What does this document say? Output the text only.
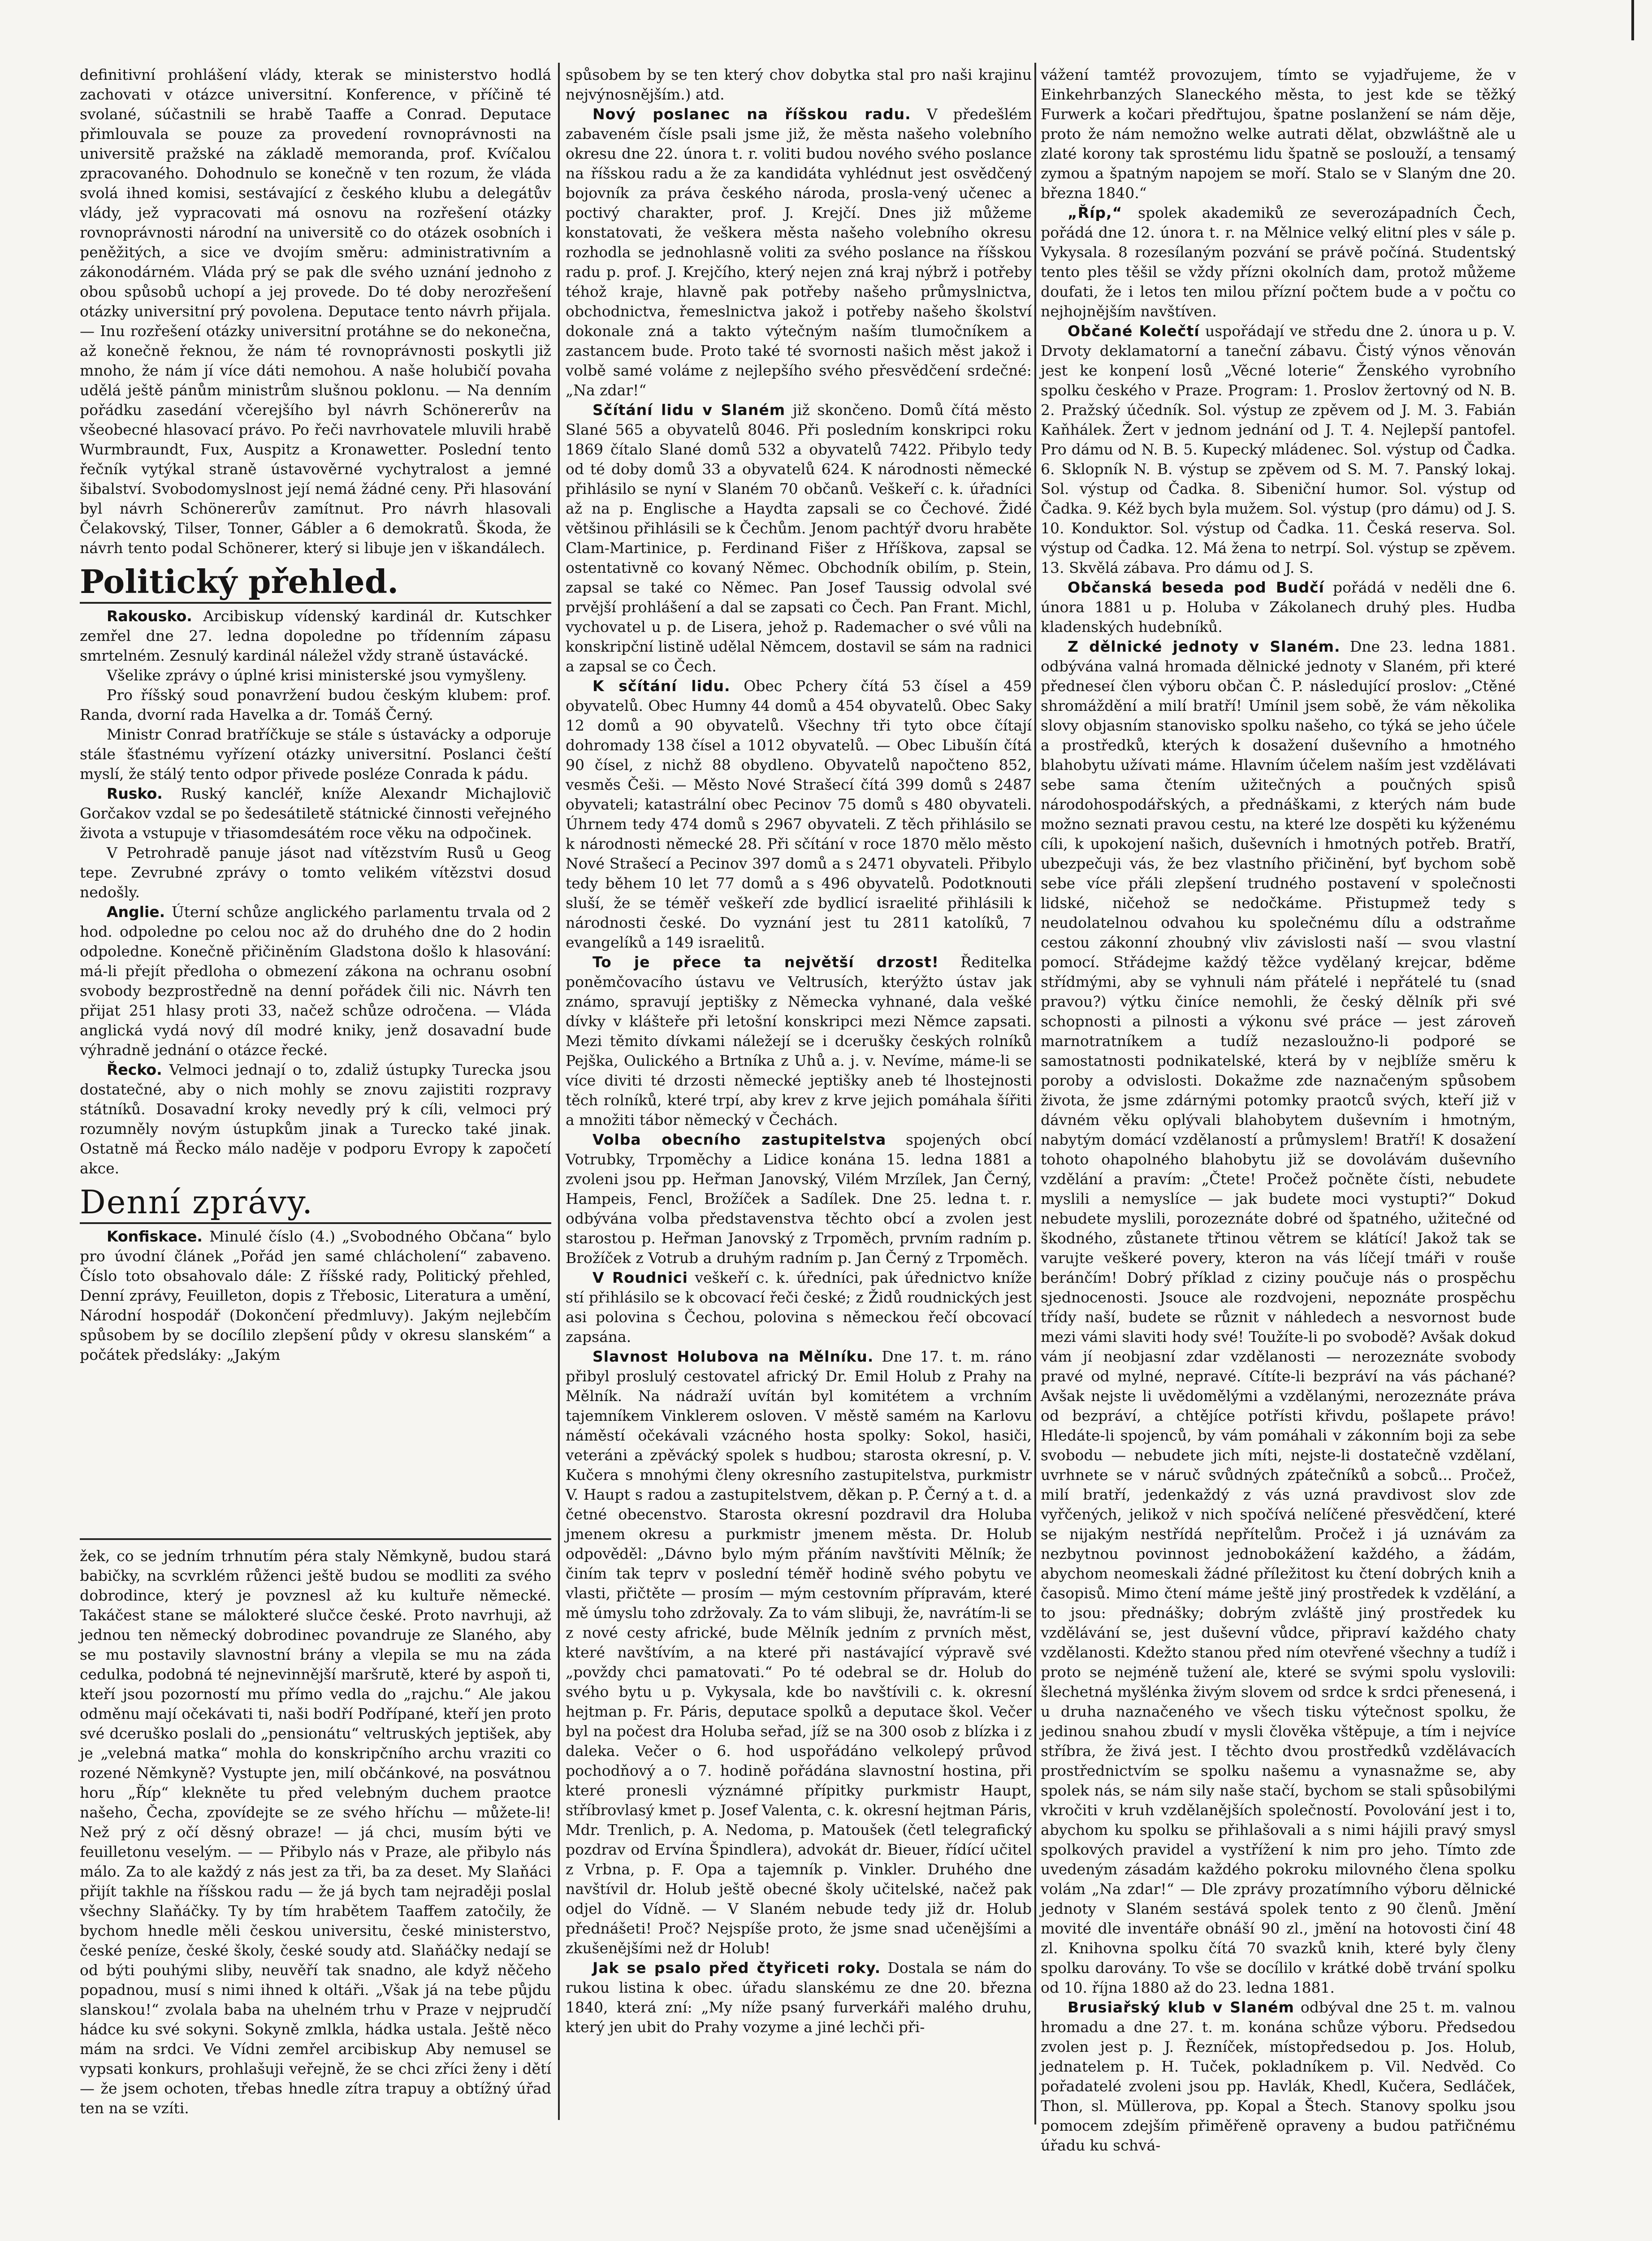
definitivní prohlášení vlády, kterak se ministerstvo hodlá zachovati v otázce universitní. Konference, v příčině té svolané, súčastnili se hrabě Taaffe a Conrad. Deputace přimlouvala se pouze za provedení rovnoprávnosti na universitě pražské na základě memoranda, prof. Kvíčalou zpracovaného. Dohodnulo se konečně v ten rozum, že vláda svolá ihned komisi, sestávající z českého klubu a delegátův vlády, jež vypracovati má osnovu na rozřešení otázky rovnoprávnosti národní na universitě co do otázek osobních i peněžitých, a sice ve dvojím směru: administrativním a zákonodárném. Vláda prý se pak dle svého uznání jednoho z obou spůsobů uchopí a jej provede. Do té doby nerozřešení otázky universitní prý povolena. Deputace tento návrh přijala. — Inu rozřešení otázky universitní protáhne se do nekonečna, až konečně řeknou, že nám té rovnoprávnosti poskytli již mnoho, že nám jí více dáti nemohou. A naše holubičí povaha udělá ještě pánům ministrům slušnou poklonu. — Na denním pořádku zasedání včerejšího byl návrh Schönererův na všeobecné hlasovací právo. Po řeči navrhovatele mluvili hrabě Wurmbraundt, Fux, Auspitz a Kronawetter. Poslední tento řečník vytýkal straně ústavověrné vychytralost a jemné šibalství. Svobodomyslnost její nemá žádné ceny. Při hlasování byl návrh Schönererův zamítnut. Pro návrh hlasovali Čelakovský, Tilser, Tonner, Gábler a 6 demokratů. Škoda, že návrh tento podal Schönerer, který si libuje jen v iškandálech.

Politický přehled.

Rakousko. Arcibiskup vídenský kardinál dr. Kutschker zemřel dne 27. ledna dopoledne po třídenním zápasu smrtelném. Zesnulý kardinál náležel vždy straně ústavácké.

Všelike zprávy o úplné krisi ministerské jsou vymyšleny.

Pro říšský soud ponavržení budou českým klubem: prof. Randa, dvorní rada Havelka a dr. Tomáš Černý.

Ministr Conrad bratříčkuje se stále s ústavácky a odporuje stále šťastnému vyřízení otázky universitní. Poslanci čeští myslí, že stálý tento odpor přivede posléze Conrada k pádu.

Rusko. Ruský kancléř, kníže Alexandr Michajlovič Gorčakov vzdal se po šedesátiletě státnické činnosti veřejného života a vstupuje v třiasomdesátém roce věku na odpočinek.

V Petrohradě panuje jásot nad vítězstvím Rusů u Geog tepe. Zevrubné zprávy o tomto velikém vítězstvi dosud nedošly.

Anglie. Úterní schůze anglického parlamentu trvala od 2 hod. odpoledne po celou noc až do druhého dne do 2 hodin odpoledne. Konečně přičiněním Gladstona došlo k hlasování: má-li přejít předloha o obmezení zákona na ochranu osobní svobody bezprostředně na denní pořádek čili nic. Návrh ten přijat 251 hlasy proti 33, načež schůze odročena. — Vláda anglická vydá nový díl modré kniky, jenž dosavadní bude výhradně jednání o otázce řecké.

Řecko. Velmoci jednají o to, zdaliž ústupky Turecka jsou dostatečné, aby o nich mohly se znovu zajistiti rozpravy státníků. Dosavadní kroky nevedly prý k cíli, velmoci prý rozumněly novým ústupkům jinak a Turecko také jinak. Ostatně má Řecko málo naděje v podporu Evropy k započetí akce.

Denní zprávy.

Konfiskace. Minulé číslo (4.) „Svobodného Občana“ bylo pro úvodní článek „Pořád jen samé chlácholení“ zabaveno. Číslo toto obsahovalo dále: Z říšské rady, Politický přehled, Denní zprávy, Feuilleton, dopis z Třebosic, Literatura a umění, Národní hospodář (Dokončení předmluvy). Jakým nejlebčím spůsobem by se docílilo zlepšení půdy v okresu slanském“ a počátek předsláky: „Jakým

žek, co se jedním trhnutím péra staly Němkyně, budou stará babičky, na scvrklém růženci ještě budou se modliti za svého dobrodince, který je povznesl až ku kultuře německé. Takáčest stane se málokteré slučce české. Proto navrhuji, až jednou ten německý dobrodinec povandruje ze Slaného, aby se mu postavily slavnostní brány a vlepila se mu na záda cedulka, podobná té nejnevinnější maršrutě, které by aspoň ti, kteří jsou pozorností mu přímo vedla do „rajchu.“ Ale jakou odměnu mají očekávati ti, naši bodří Podřípané, kteří jen proto své dceruško poslali do „pensionátu“ veltruských jeptišek, aby je „velebná matka“ mohla do konskripčního archu vraziti co rozené Němkyně? Vystupte jen, milí občánkové, na posvátnou horu „Říp“ klekněte tu před velebným duchem praotce našeho, Čecha, zpovídejte se ze svého hříchu — můžete-li! Než prý z očí děsný obraze! — já chci, musím býti ve feuilletonu veselým. — — Přibylo nás v Praze, ale přibylo nás málo. Za to ale každý z nás jest za tři, ba za deset. My Slaňáci přijít takhle na říšskou radu — že já bych tam nejraději poslal všechny Slaňáčky. Ty by tím hrabětem Taaffem zatočily, že bychom hnedle měli českou universitu, české ministerstvo, české peníze, české školy, české soudy atd. Slaňáčky nedají se od býti pouhými sliby, neuvěří tak snadno, ale když něčeho popadnou, musí s nimi ihned k oltáři. „Však já na tebe půjdu slanskou!“ zvolala baba na uhelném trhu v Praze v nejprudčí hádce ku své sokyni. Sokyně zmlkla, hádka ustala. Ještě něco mám na srdci. Ve Vídni zemřel arcibiskup Aby nemusel se vypsati konkurs, prohlašuji veřejně, že se chci zříci ženy i dětí — že jsem ochoten, třebas hnedle zítra trapuy a obtížný úřad ten na se vzíti.

spůsobem by se ten který chov dobytka stal pro naši krajinu nejvýnosnějším.) atd.

Nový poslanec na říšskou radu. V předešlém zabaveném čísle psali jsme již, že města našeho volebního okresu dne 22. února t. r. voliti budou nového svého poslance na říšskou radu a že za kandidáta vyhlédnut jest osvědčený bojovník za práva českého národa, prosla-vený učenec a poctivý charakter, prof. J. Krejčí. Dnes již můžeme konstatovati, že veškera města našeho volebního okresu rozhodla se jednohlasně voliti za svého poslance na říšskou radu p. prof. J. Krejčího, který nejen zná kraj nýbrž i potřeby téhož kraje, hlavně pak potřeby našeho průmyslnictva, obchodnictva, řemeslnictva jakož i potřeby našeho školství dokonale zná a takto výtečným naším tlumočníkem a zastancem bude. Proto také té svornosti našich měst jakož i volbě samé voláme z nejlepšího svého přesvědčení srdečné: „Na zdar!“

Sčítání lidu v Slaném již skončeno. Domů čítá město Slané 565 a obyvatelů 8046. Při posledním konskripci roku 1869 čítalo Slané domů 532 a obyvatelů 7422. Přibylo tedy od té doby domů 33 a obyvatelů 624. K národnosti německé přihlásilo se nyní v Slaném 70 občanů. Veškeří c. k. úřadníci až na p. Englische a Haydta zapsali se co Čechové. Židé většinou přihlásili se k Čechům. Jenom pachtýř dvoru hraběte Clam-Martinice, p. Ferdinand Fišer z Hříškova, zapsal se ostentativně co kovaný Němec. Obchodník obilím, p. Stein, zapsal se také co Němec. Pan Josef Taussig odvolal své prvější prohlášení a dal se zapsati co Čech. Pan Frant. Michl, vychovatel u p. de Lisera, jehož p. Rademacher o své vůli na konskripční listině udělal Němcem, dostavil se sám na radnici a zapsal se co Čech.

K sčítání lidu. Obec Pchery čítá 53 čísel a 459 obyvatelů. Obec Humny 44 domů a 454 obyvatelů. Obec Saky 12 domů a 90 obyvatelů. Všechny tři tyto obce čítají dohromady 138 čísel a 1012 obyvatelů. — Obec Libušín čítá 90 čísel, z nichž 88 obydleno. Obyvatelů napočteno 852, vesměs Češi. — Město Nové Strašecí čítá 399 domů s 2487 obyvateli; katastrální obec Pecinov 75 domů s 480 obyvateli. Úhrnem tedy 474 domů s 2967 obyvateli. Z těch přihlásilo se k národnosti německé 28. Při sčítání v roce 1870 mělo město Nové Strašecí a Pecinov 397 domů a s 2471 obyvateli. Přibylo tedy během 10 let 77 domů a s 496 obyvatelů. Podotknouti sluší, že se téměř veškeří zde bydlicí israelité přihlásili k národnosti české. Do vyznání jest tu 2811 katolíků, 7 evangelíků a 149 israelitů.

To je přece ta největší drzost! Ředitelka poněmčovacího ústavu ve Veltrusích, kterýžto ústav jak známo, spravují jeptišky z Německa vyhnané, dala vešké dívky v klášteře při letošní konskripci mezi Němce zapsati. Mezi těmito dívkami náležejí se i dcerušky českých rolníků Pejška, Oulického a Brtníka z Uhů a. j. v. Nevíme, máme-li se více diviti té drzosti německé jeptišky aneb té lhostejnosti těch rolníků, které trpí, aby krev z krve jejich pomáhala šířiti a množiti tábor německý v Čechách.

Volba obecního zastupitelstva spojených obcí Votrubky, Trpoměchy a Lidice konána 15. ledna 1881 a zvoleni jsou pp. Heřman Janovský, Vilém Mrzílek, Jan Černý, Hampeis, Fencl, Brožíček a Sadílek. Dne 25. ledna t. r. odbývána volba představenstva těchto obcí a zvolen jest starostou p. Heřman Janovský z Trpoměch, prvním radním p. Brožíček z Votrub a druhým radním p. Jan Černý z Trpoměch.

V Roudnici veškeří c. k. úředníci, pak úřednictvo kníže stí přihlásilo se k obcovací řeči české; z Židů roudnických jest asi polovina s Čechou, polovina s německou řečí obcovací zapsána.

Slavnost Holubova na Mělníku. Dne 17. t. m. ráno přibyl proslulý cestovatel africký Dr. Emil Holub z Prahy na Mělník. Na nádraží uvítán byl komitétem a vrchním tajemníkem Vinklerem osloven. V městě samém na Karlovu náměstí očekávali vzácného hosta spolky: Sokol, hasiči, veteráni a zpěvácký spolek s hudbou; starosta okresní, p. V. Kučera s mnohými členy okresního zastupitelstva, purkmistr V. Haupt s radou a zastupitelstvem, děkan p. P. Černý a t. d. a četné obecenstvo. Starosta okresní pozdravil dra Holuba jmenem okresu a purkmistr jmenem města. Dr. Holub odpověděl: „Dávno bylo mým přáním navštíviti Mělník; že činím tak teprv v poslední téměř hodině svého pobytu ve vlasti, přičtěte — prosím — mým cestovním přípravám, které mě úmyslu toho zdržovaly. Za to vám slibuji, že, navrátím-li se z nové cesty africké, bude Mělník jedním z prvních měst, které navštívím, a na které při nastávající výpravě své „povždy chci pamatovati.“ Po té odebral se dr. Holub do svého bytu u p. Vykysala, kde bo navštívili c. k. okresní hejtman p. Fr. Páris, deputace spolků a deputace škol. Večer byl na počest dra Holuba seřad, jíž se na 300 osob z blízka i z daleka. Večer o 6. hod uspořádáno velkolepý průvod pochodňový a o 7. hodině pořádána slavnostní hostina, při které pronesli význámné přípitky purkmistr Haupt, stříbrovlasý kmet p. Josef Valenta, c. k. okresní hejtman Páris, Mdr. Trenlich, p. A. Nedoma, p. Matoušek (četl telegrafický pozdrav od Ervína Špindlera), advokát dr. Bieuer, řídící učitel z Vrbna, p. F. Opa a tajemník p. Vinkler. Druhého dne navštívil dr. Holub ještě obecné školy učitelské, načež pak odjel do Vídně. — V Slaném nebude tedy již dr. Holub přednášeti! Proč? Nejspíše proto, že jsme snad učenějšími a zkušenějšími než dr Holub!

Jak se psalo před čtyřiceti roky. Dostala se nám do rukou listina k obec. úřadu slanskému ze dne 20. března 1840, která zní: „My níže psaný furverkáři malého druhu, který jen ubit do Prahy vozyme a jiné lechči při-

vážení tamtéž provozujem, tímto se vyjadřujeme, že v Einkehrbanzých Slaneckého města, to jest kde se těžký Furwerk a kočari předřtujou, špatne poslanžení se nám děje, proto že nám nemožno welke autrati dělat, obzwláštně ale u zlaté korony tak sprostému lidu špatně se poslouží, a tensamý zymou a špatným napojem se moří. Stalo se v Slaným dne 20. března 1840.“

„Říp,“ spolek akademiků ze severozápadních Čech, pořádá dne 12. února t. r. na Mělnice velký elitní ples v sále p. Vykysala. 8 rozesílaným pozvání se právě počíná. Studentský tento ples těšil se vždy přízni okolních dam, protož můžeme doufati, že i letos ten milou přízní počtem bude a v počtu co nejhojnějším navštíven.

Občané Kolečtí uspořádají ve středu dne 2. února u p. V. Drvoty deklamatorní a taneční zábavu. Čistý výnos věnován jest ke konpení losů „Věcné loterie“ Ženského vyrobního spolku českého v Praze. Program: 1. Proslov žertovný od N. B. 2. Pražský účedník. Sol. výstup ze zpěvem od J. M. 3. Fabián Kaňhálek. Žert v jednom jednání od J. T. 4. Nejlepší pantofel. Pro dámu od N. B. 5. Kupecký mládenec. Sol. výstup od Čadka. 6. Sklopník N. B. výstup se zpěvem od S. M. 7. Panský lokaj. Sol. výstup od Čadka. 8. Sibeniční humor. Sol. výstup od Čadka. 9. Kéž bych byla mužem. Sol. výstup (pro dámu) od J. S. 10. Konduktor. Sol. výstup od Čadka. 11. Česká reserva. Sol. výstup od Čadka. 12. Má žena to netrpí. Sol. výstup se zpěvem. 13. Skvělá zábava. Pro dámu od J. S.

Občanská beseda pod Budčí pořádá v neděli dne 6. února 1881 u p. Holuba v Zákolanech druhý ples. Hudba kladenských hudebníků.

Z dělnické jednoty v Slaném. Dne 23. ledna 1881. odbývána valná hromada dělnické jednoty v Slaném, při které předneseí člen výboru občan Č. P. následující proslov: „Ctěné shromáždění a milí bratří! Umínil jsem sobě, že vám několika slovy objasním stanovisko spolku našeho, co týká se jeho účele a prostředků, kterých k dosažení duševního a hmotného blahobytu užívati máme. Hlavním účelem naším jest vzdělávati sebe sama čtením užitečných a poučných spisů národohospodářských, a přednáškami, z kterých nám bude možno seznati pravou cestu, na které lze dospěti ku kýženému cíli, k upokojení našich, duševních i hmotných potřeb. Bratří, ubezpečuji vás, že bez vlastního přičinění, byť bychom sobě sebe více přáli zlepšení trudného postavení v společnosti lidské, ničehož se nedočkáme. Přistupmež tedy s neudolatelnou odvahou ku společnému dílu a odstraňme cestou zákonní zhoubný vliv závislosti naší — svou vlastní pomocí. Střádejme každý těžce vydělaný krejcar, bděme střídmými, aby se vyhnuli nám přátelé i nepřátelé tu (snad pravou?) výtku činíce nemohli, že český dělník při své schopnosti a pilnosti a výkonu své práce — jest zároveň marnotratníkem a tudíž nezasloužno-li podporé se samostatnosti podnikatelské, která by v nejblíže směru k poroby a odvislosti. Dokažme zde naznačeným spůsobem života, že jsme zdárnými potomky praotců svých, kteří již v dávném věku oplývali blahobytem duševním i hmotným, nabytým domácí vzdělaností a průmyslem! Bratří! K dosažení tohoto ohapolného blahobytu již se dovolávám duševního vzdělání a pravím: „Čtete! Pročež počněte čísti, nebudete myslili a nemyslíce — jak budete moci vystupti?“ Dokud nebudete myslili, porozeznáte dobré od špatného, užitečné od škodného, zůstanete třtinou větrem se klátící! Jakož tak se varujte veškeré povery, kteron na vás líčejí tmáři v rouše beránčím! Dobrý příklad z ciziny poučuje nás o prospěchu sjednocenosti. Jsouce ale rozdvojeni, nepoznáte prospěchu třídy naší, budete se různit v náhledech a nesvornost bude mezi vámi slaviti hody své! Toužíte-li po svobodě? Avšak dokud vám jí neobjasní zdar vzdělanosti — nerozeznáte svobody pravé od mylné, nepravé. Cítíte-li bezpráví na vás páchané? Avšak nejste li uvědomělými a vzdělanými, nerozeznáte práva od bezpráví, a chtějíce potřísti křivdu, pošlapete právo! Hledáte-li spojenců, by vám pomáhali v zákonním boji za sebe svobodu — nebudete jich míti, nejste-li dostatečně vzdělaní, uvrhnete se v náruč svůdných zpátečníků a sobců... Pročež, milí bratří, jedenkaždý z vás uzná pravdivost slov zde vyřčených, jelikož v nich spočívá nelíčené přesvědčení, které se nijakým nestřídá nepřítelům. Pročež i já uznávám za nezbytnou povinnost jednobokážení každého, a žádám, abychom neomeskali žádné příležitost ku čtení dobrých knih a časopisů. Mimo čtení máme ještě jiný prostředek k vzdělání, a to jsou: přednášky; dobrým zvláště jiný prostředek ku vzdělávání se, jest duševní vůdce, připraví každého chaty vzdělanosti. Kdežto stanou před ním otevřené všechny a tudíž i proto se nejméně tužení ale, které se svými spolu vyslovili: šlechetná myšlénka živým slovem od srdce k srdci přenesená, i u druha naznačeného ve všech tisku výtečnost spolku, že jedinou snahou zbudí v mysli člověka vštěpuje, a tím i nejvíce stříbra, že živá jest. I těchto dvou prostředků vzdělávacích prostřednictvím se spolku našemu a vynasnažme se, aby spolek nás, se nám sily naše stačí, bychom se stali spůsobilými vkročiti v kruh vzdělanějších společností. Povolování jest i to, abychom ku spolku se přihlašovali a s nimi hájili pravý smysl spolkových pravidel a vystřížení k nim pro jeho. Tímto zde uvedeným zásadám každého pokroku milovného člena spolku volám „Na zdar!“ — Dle zprávy prozatímního výboru dělnické jednoty v Slaném sestává spolek tento z 90 členů. Jmění movité dle inventáře obnáší 90 zl., jmění na hotovosti činí 48 zl. Knihovna spolku čítá 70 svazků knih, které byly členy spolku darovány. To vše se docílilo v krátké době trvání spolku od 10. října 1880 až do 23. ledna 1881.

Brusiařský klub v Slaném odbýval dne 25 t. m. valnou hromadu a dne 27. t. m. konána schůze výboru. Předsedou zvolen jest p. J. Řezníček, místopředsedou p. Jos. Holub, jednatelem p. H. Tuček, pokladníkem p. Vil. Nedvěd. Co pořadatelé zvoleni jsou pp. Havlák, Khedl, Kučera, Sedláček, Thon, sl. Müllerova, pp. Kopal a Štech. Stanovy spolku jsou pomocem zdejším přiměřeně opraveny a budou patřičnému úřadu ku schvá-
